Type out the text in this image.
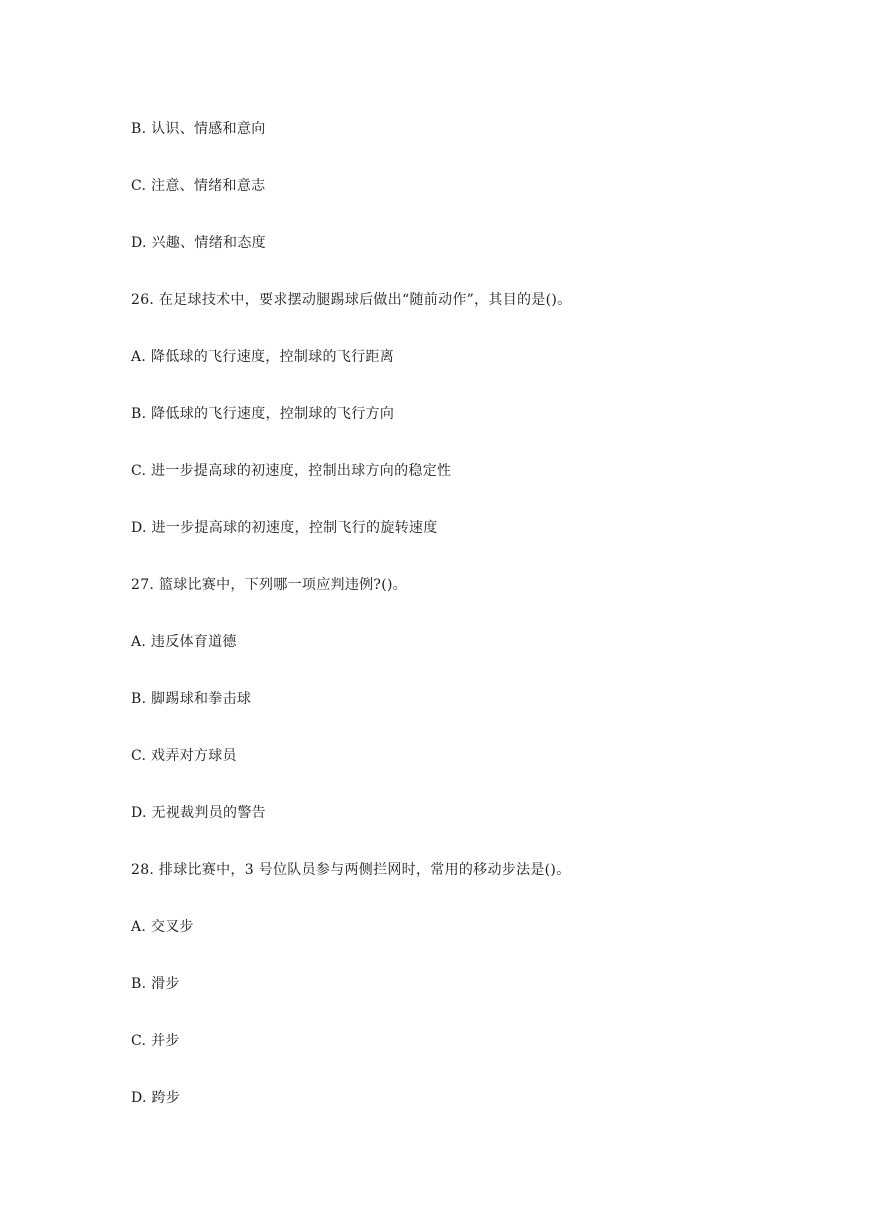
B. 认识、情感和意向
C. 注意、情绪和意志
D. 兴趣、情绪和态度
26. 在足球技术中，要求摆动腿踢球后做出“随前动作”，其目的是()。
A. 降低球的飞行速度，控制球的飞行距离
B. 降低球的飞行速度，控制球的飞行方向
C. 进一步提高球的初速度，控制出球方向的稳定性
D. 进一步提高球的初速度，控制飞行的旋转速度
27. 篮球比赛中，下列哪一项应判违例?()。
A. 违反体育道德
B. 脚踢球和拳击球
C. 戏弄对方球员
D. 无视裁判员的警告
28. 排球比赛中，3 号位队员参与两侧拦网时，常用的移动步法是()。
A. 交叉步
B. 滑步
C. 并步
D. 跨步
